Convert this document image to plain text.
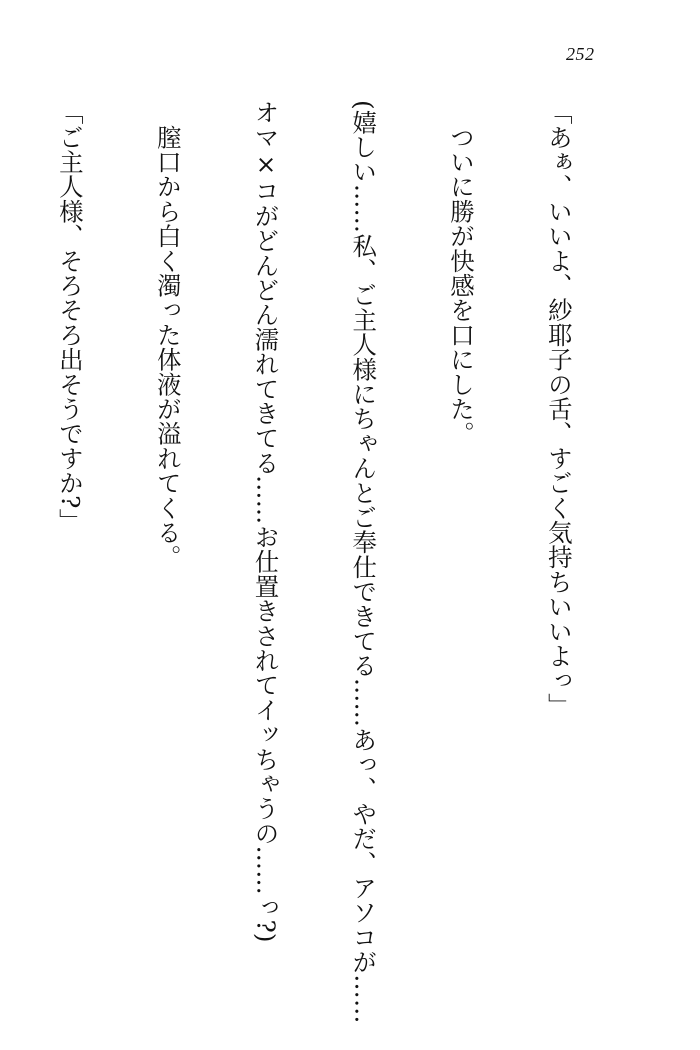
252

「あぁ、いいよ、紗耶子の舌、すごく気持ちいいよっ」

　ついに勝が快感を口にした。

(嬉しい……私、ご主人様にちゃんとご奉仕できてる……あっ、やだ、アソコが……

オマ×コがどんどん濡れてきてる……お仕置きされてイッちゃうの……っ?)

　膣口から白く濁った体液が溢れてくる。

「ご主人様、そろそろ出そうですか?」
